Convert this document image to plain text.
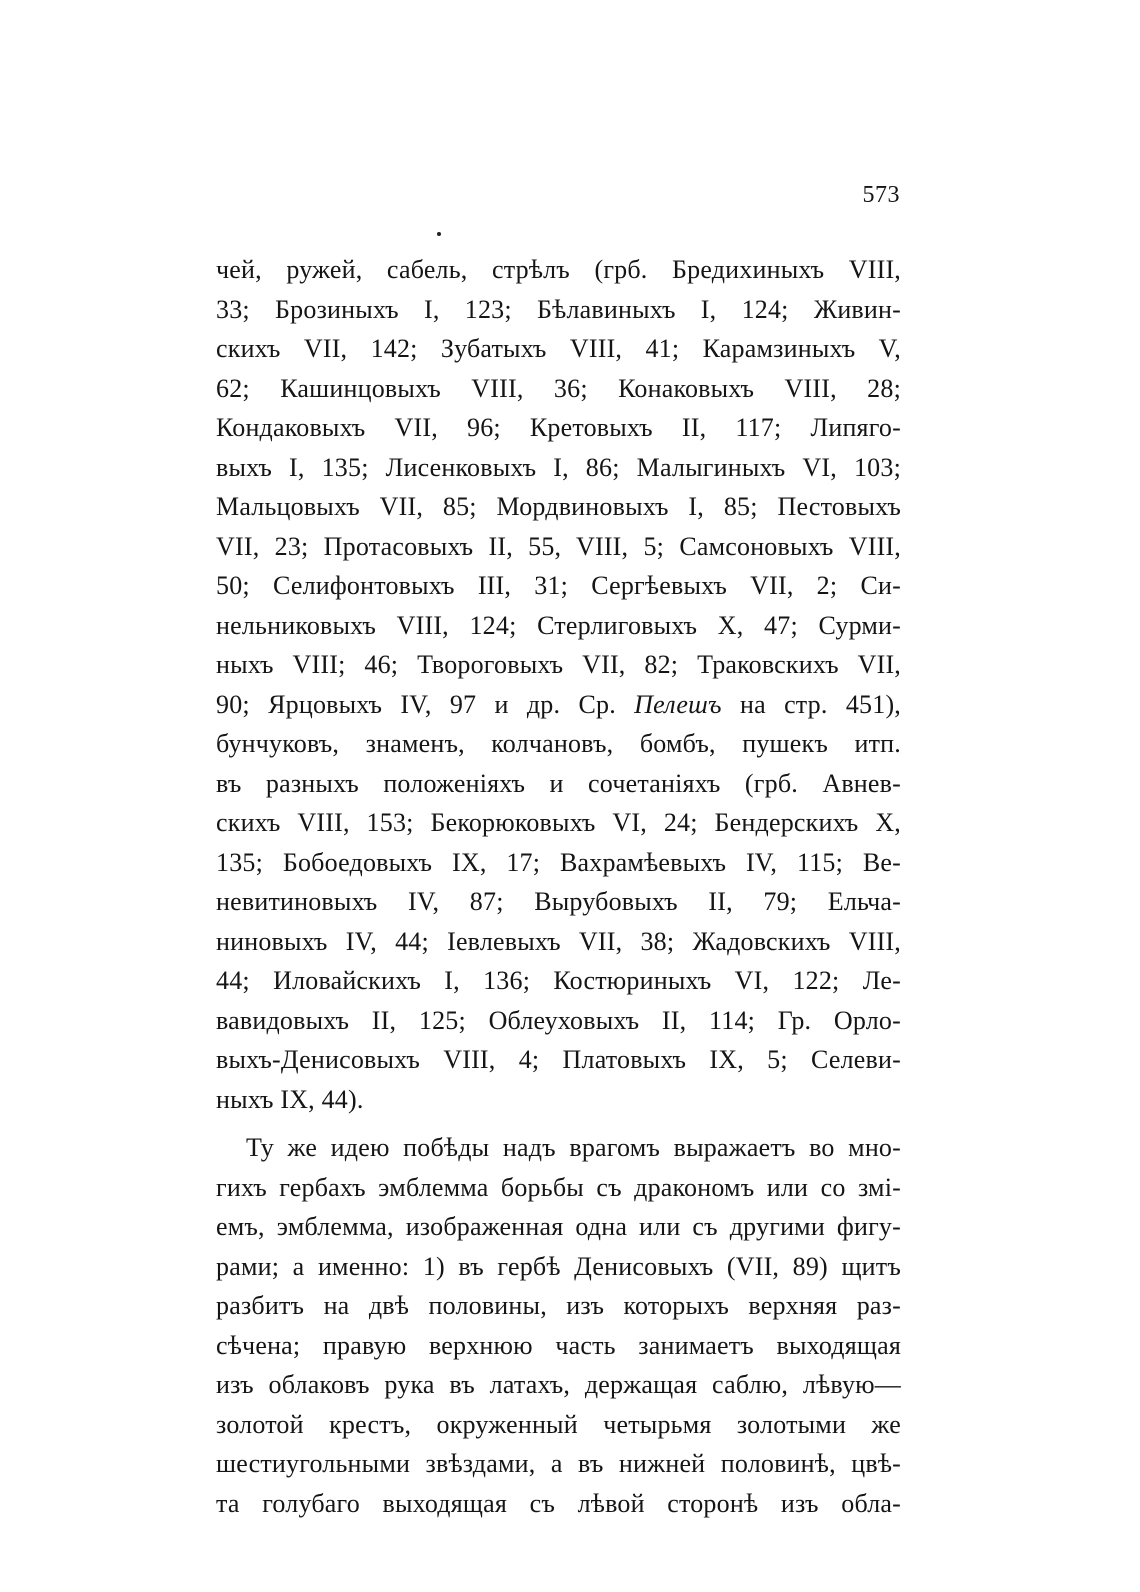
573
чей, ружей, сабель, стрѣлъ (грб. Бредихиныхъ VIII,
33; Брозиныхъ I, 123; Бѣлавиныхъ I, 124; Живин-
скихъ VII, 142; Зубатыхъ VIII, 41; Карамзиныхъ V,
62; Кашинцовыхъ VIII, 36; Конаковыхъ VIII, 28;
Кондаковыхъ VII, 96; Кретовыхъ II, 117; Липяго-
выхъ I, 135; Лисенковыхъ I, 86; Малыгиныхъ VI, 103;
Мальцовыхъ VII, 85; Мордвиновыхъ I, 85; Пестовыхъ
VII, 23; Протасовыхъ II, 55, VIII, 5; Самсоновыхъ VIII,
50; Селифонтовыхъ III, 31; Сергѣевыхъ VII, 2; Си-
нельниковыхъ VIII, 124; Стерлиговыхъ X, 47; Сурми-
ныхъ VIII; 46; Твороговыхъ VII, 82; Траковскихъ VII,
90; Ярцовыхъ IV, 97 и др. Ср. Пелешъ на стр. 451),
бунчуковъ, знаменъ, колчановъ, бомбъ, пушекъ итп.
въ разныхъ положеніяхъ и сочетаніяхъ (грб. Авнев-
скихъ VIII, 153; Бекорюковыхъ VI, 24; Бендерскихъ X,
135; Бобоедовыхъ IX, 17; Вахрамѣевыхъ IV, 115; Ве-
невитиновыхъ IV, 87; Вырубовыхъ II, 79; Ельча-
ниновыхъ IV, 44; Іевлевыхъ VII, 38; Жадовскихъ VIII,
44; Иловайскихъ I, 136; Костюриныхъ VI, 122; Ле-
вавидовыхъ II, 125; Облеуховыхъ II, 114; Гр. Орло-
выхъ-Денисовыхъ VIII, 4; Платовыхъ IX, 5; Селеви-
ныхъ IX, 44).
Ту же идею побѣды надъ врагомъ выражаетъ во мно-
гихъ гербахъ эмблемма борьбы съ дракономъ или со змі-
емъ, эмблемма, изображенная одна или съ другими фигу-
рами; а именно: 1) въ гербѣ Денисовыхъ (VII, 89) щитъ
разбитъ на двѣ половины, изъ которыхъ верхняя раз-
сѣчена; правую верхнюю часть занимаетъ выходящая
изъ облаковъ рука въ латахъ, держащая саблю, лѣвую—
золотой крестъ, окруженный четырьмя золотыми же
шестиугольными звѣздами, а въ нижней половинѣ, цвѣ-
та голубаго выходящая съ лѣвой сторонѣ изъ обла-
